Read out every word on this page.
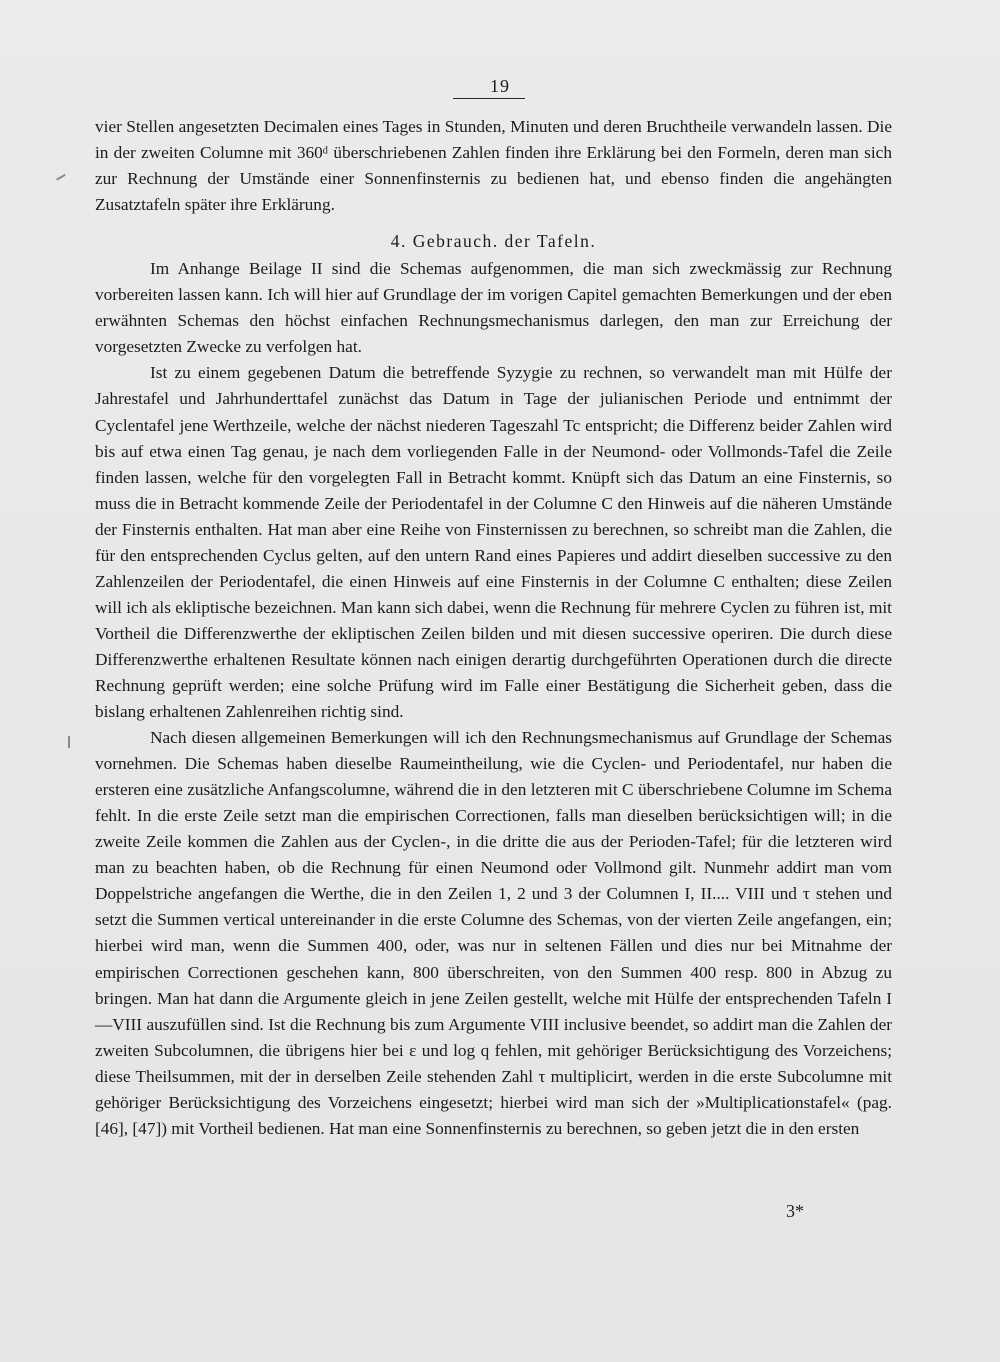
19

vier Stellen angesetzten Decimalen eines Tages in Stunden, Minuten und deren Bruchtheile verwandeln lassen. Die in der zweiten Columne mit 360ᵈ überschriebenen Zahlen finden ihre Erklärung bei den Formeln, deren man sich zur Rechnung der Umstände einer Sonnenfinsternis zu bedienen hat, und ebenso finden die angehängten Zusatztafeln später ihre Erklärung.

4. Gebrauch. der Tafeln.

Im Anhange Beilage II sind die Schemas aufgenommen, die man sich zweckmässig zur Rechnung vorbereiten lassen kann. Ich will hier auf Grundlage der im vorigen Capitel gemachten Bemerkungen und der eben erwähnten Schemas den höchst einfachen Rechnungsmechanismus darlegen, den man zur Erreichung der vorgesetzten Zwecke zu verfolgen hat.

Ist zu einem gegebenen Datum die betreffende Syzygie zu rechnen, so verwandelt man mit Hülfe der Jahrestafel und Jahrhunderttafel zunächst das Datum in Tage der julianischen Periode und entnimmt der Cyclentafel jene Werthzeile, welche der nächst niederen Tageszahl Tc entspricht; die Differenz beider Zahlen wird bis auf etwa einen Tag genau, je nach dem vorliegenden Falle in der Neumond- oder Vollmonds-Tafel die Zeile finden lassen, welche für den vorgelegten Fall in Betracht kommt. Knüpft sich das Datum an eine Finsternis, so muss die in Betracht kommende Zeile der Periodentafel in der Columne C den Hinweis auf die näheren Umstände der Finsternis enthalten. Hat man aber eine Reihe von Finsternissen zu berechnen, so schreibt man die Zahlen, die für den entsprechenden Cyclus gelten, auf den untern Rand eines Papieres und addirt dieselben successive zu den Zahlenzeilen der Periodentafel, die einen Hinweis auf eine Finsternis in der Columne C enthalten; diese Zeilen will ich als ekliptische bezeichnen. Man kann sich dabei, wenn die Rechnung für mehrere Cyclen zu führen ist, mit Vortheil die Differenzwerthe der ekliptischen Zeilen bilden und mit diesen successive operiren. Die durch diese Differenzwerthe erhaltenen Resultate können nach einigen derartig durchgeführten Operationen durch die directe Rechnung geprüft werden; eine solche Prüfung wird im Falle einer Bestätigung die Sicherheit geben, dass die bislang erhaltenen Zahlenreihen richtig sind.

Nach diesen allgemeinen Bemerkungen will ich den Rechnungsmechanismus auf Grundlage der Schemas vornehmen. Die Schemas haben dieselbe Raumeintheilung, wie die Cyclen- und Periodentafel, nur haben die ersteren eine zusätzliche Anfangscolumne, während die in den letzteren mit C überschriebene Columne im Schema fehlt. In die erste Zeile setzt man die empirischen Correctionen, falls man dieselben berücksichtigen will; in die zweite Zeile kommen die Zahlen aus der Cyclen-, in die dritte die aus der Perioden-Tafel; für die letzteren wird man zu beachten haben, ob die Rechnung für einen Neumond oder Vollmond gilt. Nunmehr addirt man vom Doppelstriche angefangen die Werthe, die in den Zeilen 1, 2 und 3 der Columnen I, II.... VIII und τ stehen und setzt die Summen vertical untereinander in die erste Columne des Schemas, von der vierten Zeile angefangen, ein; hierbei wird man, wenn die Summen 400, oder, was nur in seltenen Fällen und dies nur bei Mitnahme der empirischen Correctionen geschehen kann, 800 überschreiten, von den Summen 400 resp. 800 in Abzug zu bringen. Man hat dann die Argumente gleich in jene Zeilen gestellt, welche mit Hülfe der entsprechenden Tafeln I—VIII auszufüllen sind. Ist die Rechnung bis zum Argumente VIII inclusive beendet, so addirt man die Zahlen der zweiten Subcolumnen, die übrigens hier bei ε und log q fehlen, mit gehöriger Berücksichtigung des Vorzeichens; diese Theilsummen, mit der in derselben Zeile stehenden Zahl τ multiplicirt, werden in die erste Subcolumne mit gehöriger Berücksichtigung des Vorzeichens eingesetzt; hierbei wird man sich der »Multiplicationstafel« (pag. [46], [47]) mit Vortheil bedienen. Hat man eine Sonnenfinsternis zu berechnen, so geben jetzt die in den ersten

3*
